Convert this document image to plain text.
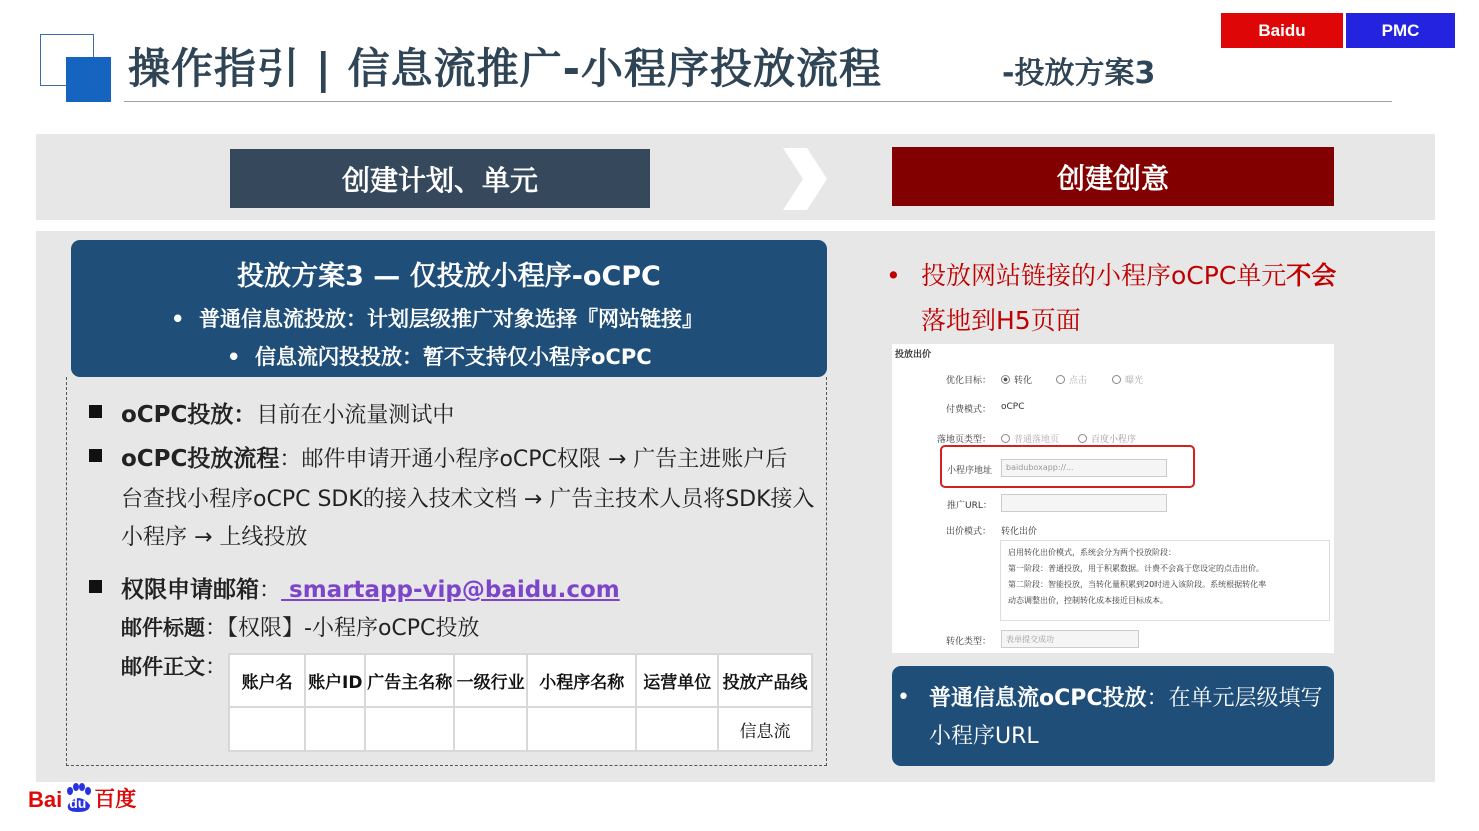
操作指引 | 信息流推广-小程序投放流程	-投放方案3
Baidu	PMC
创建计划、单元	创建创意
投放方案3 — 仅投放小程序-oCPC
• 普通信息流投放：计划层级推广对象选择『网站链接』
• 信息流闪投投放：暂不支持仅小程序oCPC
oCPC投放：目前在小流量测试中
oCPC投放流程：邮件申请开通小程序oCPC权限 → 广告主进账户后
台查找小程序oCPC SDK的接入技术文档 → 广告主技术人员将SDK接入
小程序 → 上线投放
权限申请邮箱： smartapp-vip@baidu.com
邮件标题：【权限】-小程序oCPC投放
邮件正文：
账户名	账户ID	广告主名称	一级行业	小程序名称	运营单位	投放产品线
						信息流
• 投放网站链接的小程序oCPC单元不会
落地到H5页面
投放出价
优化目标：	转化	点击	曝光
付费模式： oCPC
落地页类型：	普通落地页	百度小程序
小程序地址	baiduboxapp://...
推广URL：
出价模式： 转化出价
启用转化出价模式，系统会分为两个投放阶段：
第一阶段：普通投放，用于积累数据。计费不会高于您设定的点击出价。
第二阶段：智能投放，当转化量积累到20时进入该阶段。系统根据转化率
动态调整出价，控制转化成本接近目标成本。
转化类型：	表单提交成功
• 普通信息流oCPC投放：在单元层级填写小程序URL
Bai du 百度
